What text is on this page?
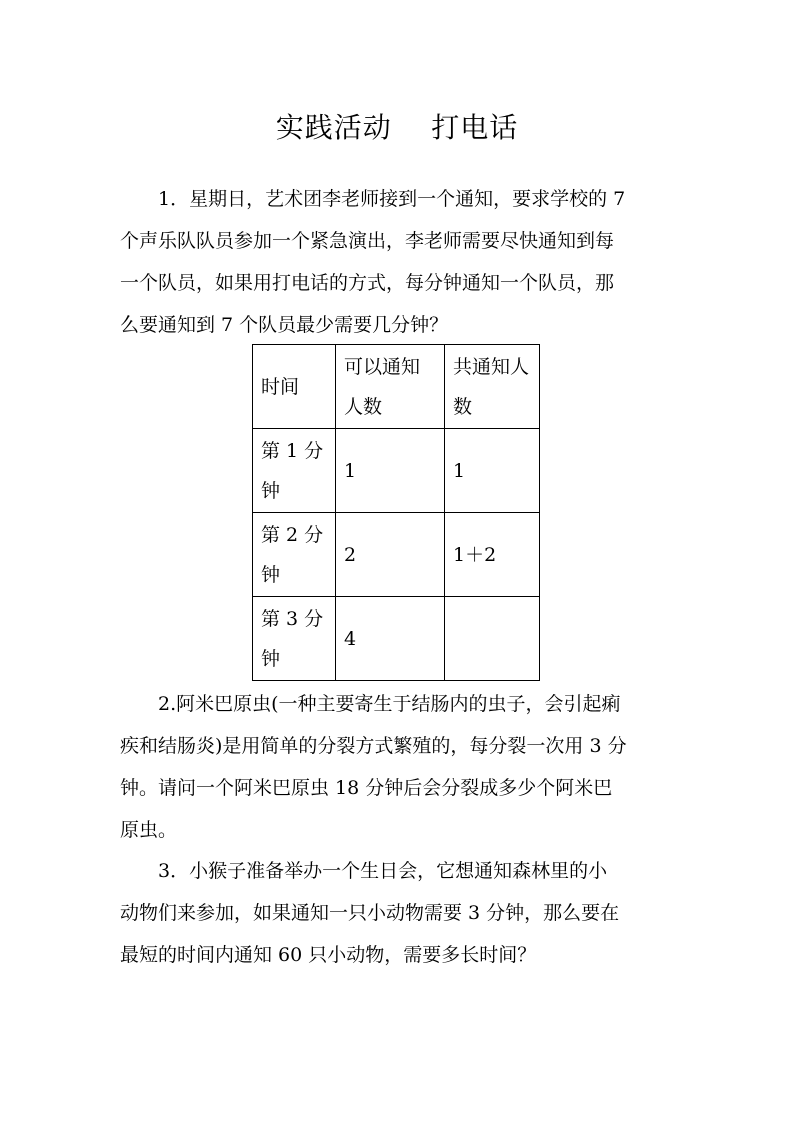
实践活动    打电话

1．星期日，艺术团李老师接到一个通知，要求学校的 7
个声乐队队员参加一个紧急演出，李老师需要尽快通知到每
一个队员，如果用打电话的方式，每分钟通知一个队员，那
么要通知到 7 个队员最少需要几分钟？

时间	可以通知人数	共通知人数
第 1 分钟	1	1
第 2 分钟	2	1＋2
第 3 分钟	4	

2.阿米巴原虫(一种主要寄生于结肠内的虫子，会引起痢
疾和结肠炎)是用简单的分裂方式繁殖的，每分裂一次用 3 分
钟。请问一个阿米巴原虫 18 分钟后会分裂成多少个阿米巴
原虫。

3．小猴子准备举办一个生日会，它想通知森林里的小
动物们来参加，如果通知一只小动物需要 3 分钟，那么要在
最短的时间内通知 60 只小动物，需要多长时间？
